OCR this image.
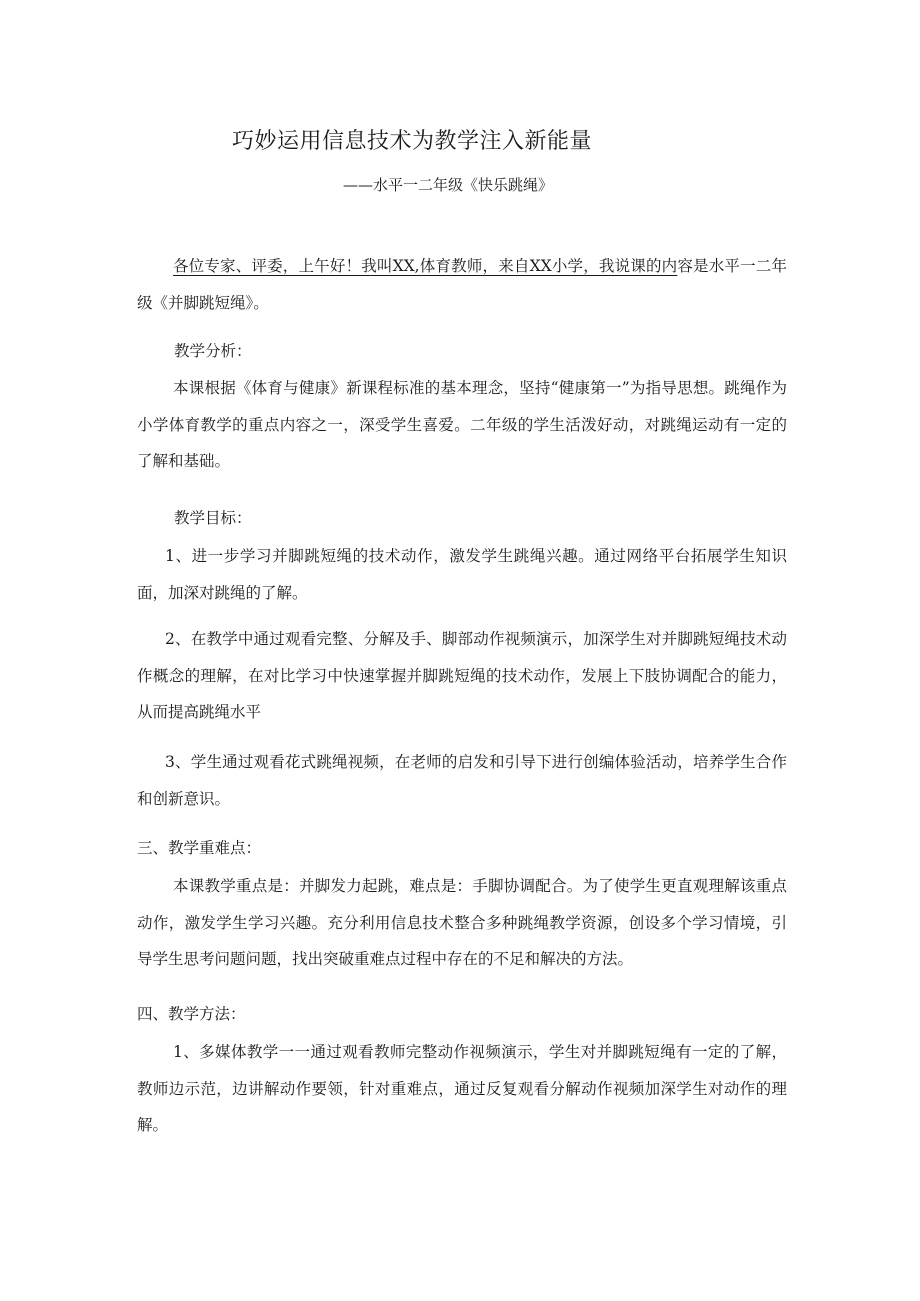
巧妙运用信息技术为教学注入新能量
——水平一二年级《快乐跳绳》

各位专家、评委，上午好！我叫XX,体育教师，来自XX小学，我说课的内容是水平一二年级《并脚跳短绳》。

教学分析：

本课根据《体育与健康》新课程标准的基本理念，坚持“健康第一”为指导思想。跳绳作为小学体育教学的重点内容之一，深受学生喜爱。二年级的学生活泼好动，对跳绳运动有一定的了解和基础。

教学目标：

1、进一步学习并脚跳短绳的技术动作，激发学生跳绳兴趣。通过网络平台拓展学生知识面，加深对跳绳的了解。

2、在教学中通过观看完整、分解及手、脚部动作视频演示，加深学生对并脚跳短绳技术动作概念的理解，在对比学习中快速掌握并脚跳短绳的技术动作，发展上下肢协调配合的能力，从而提高跳绳水平

3、学生通过观看花式跳绳视频，在老师的启发和引导下进行创编体验活动，培养学生合作和创新意识。

三、教学重难点：

本课教学重点是：并脚发力起跳，难点是：手脚协调配合。为了使学生更直观理解该重点动作，激发学生学习兴趣。充分利用信息技术整合多种跳绳教学资源，创设多个学习情境，引导学生思考问题问题，找出突破重难点过程中存在的不足和解决的方法。

四、教学方法：

1、多媒体教学一一通过观看教师完整动作视频演示，学生对并脚跳短绳有一定的了解，教师边示范，边讲解动作要领，针对重难点，通过反复观看分解动作视频加深学生对动作的理解。
